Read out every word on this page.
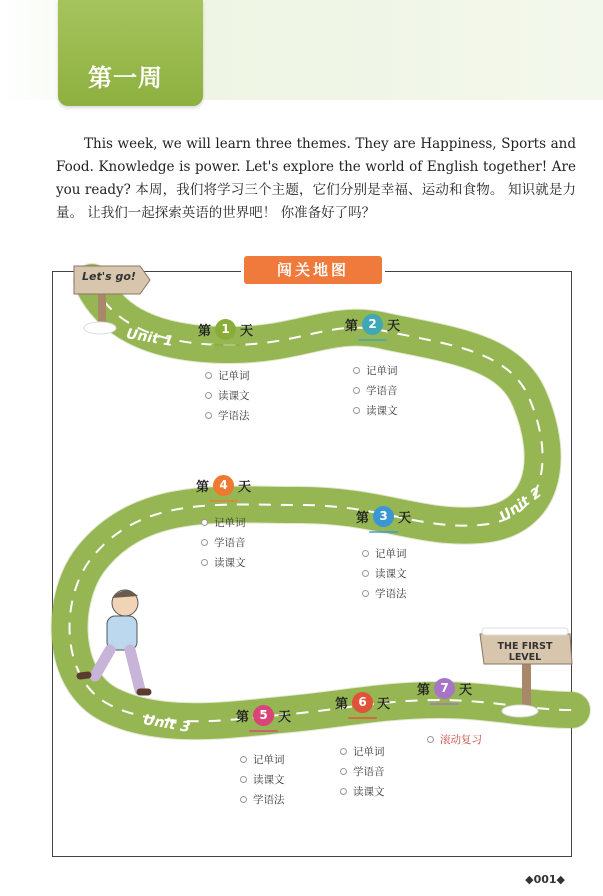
第一周

This week, we will learn three themes. They are Happiness, Sports and Food. Knowledge is power. Let's explore the world of English together! Are you ready? 本周，我们将学习三个主题，它们分别是幸福、运动和食物。 知识就是力量。 让我们一起探索英语的世界吧！ 你准备好了吗？

闯关地图
Let's go!
THE FIRST LEVEL
Unit 1
Unit 2
Unit 3
第 1 天
记单词
读课文
学语法
第 2 天
记单词
学语音
读课文
第 3 天
记单词
读课文
学语法
第 4 天
记单词
学语音
读课文
第 5 天
记单词
读课文
学语法
第 6 天
记单词
学语音
读课文
第 7 天
滚动复习
◆001◆
